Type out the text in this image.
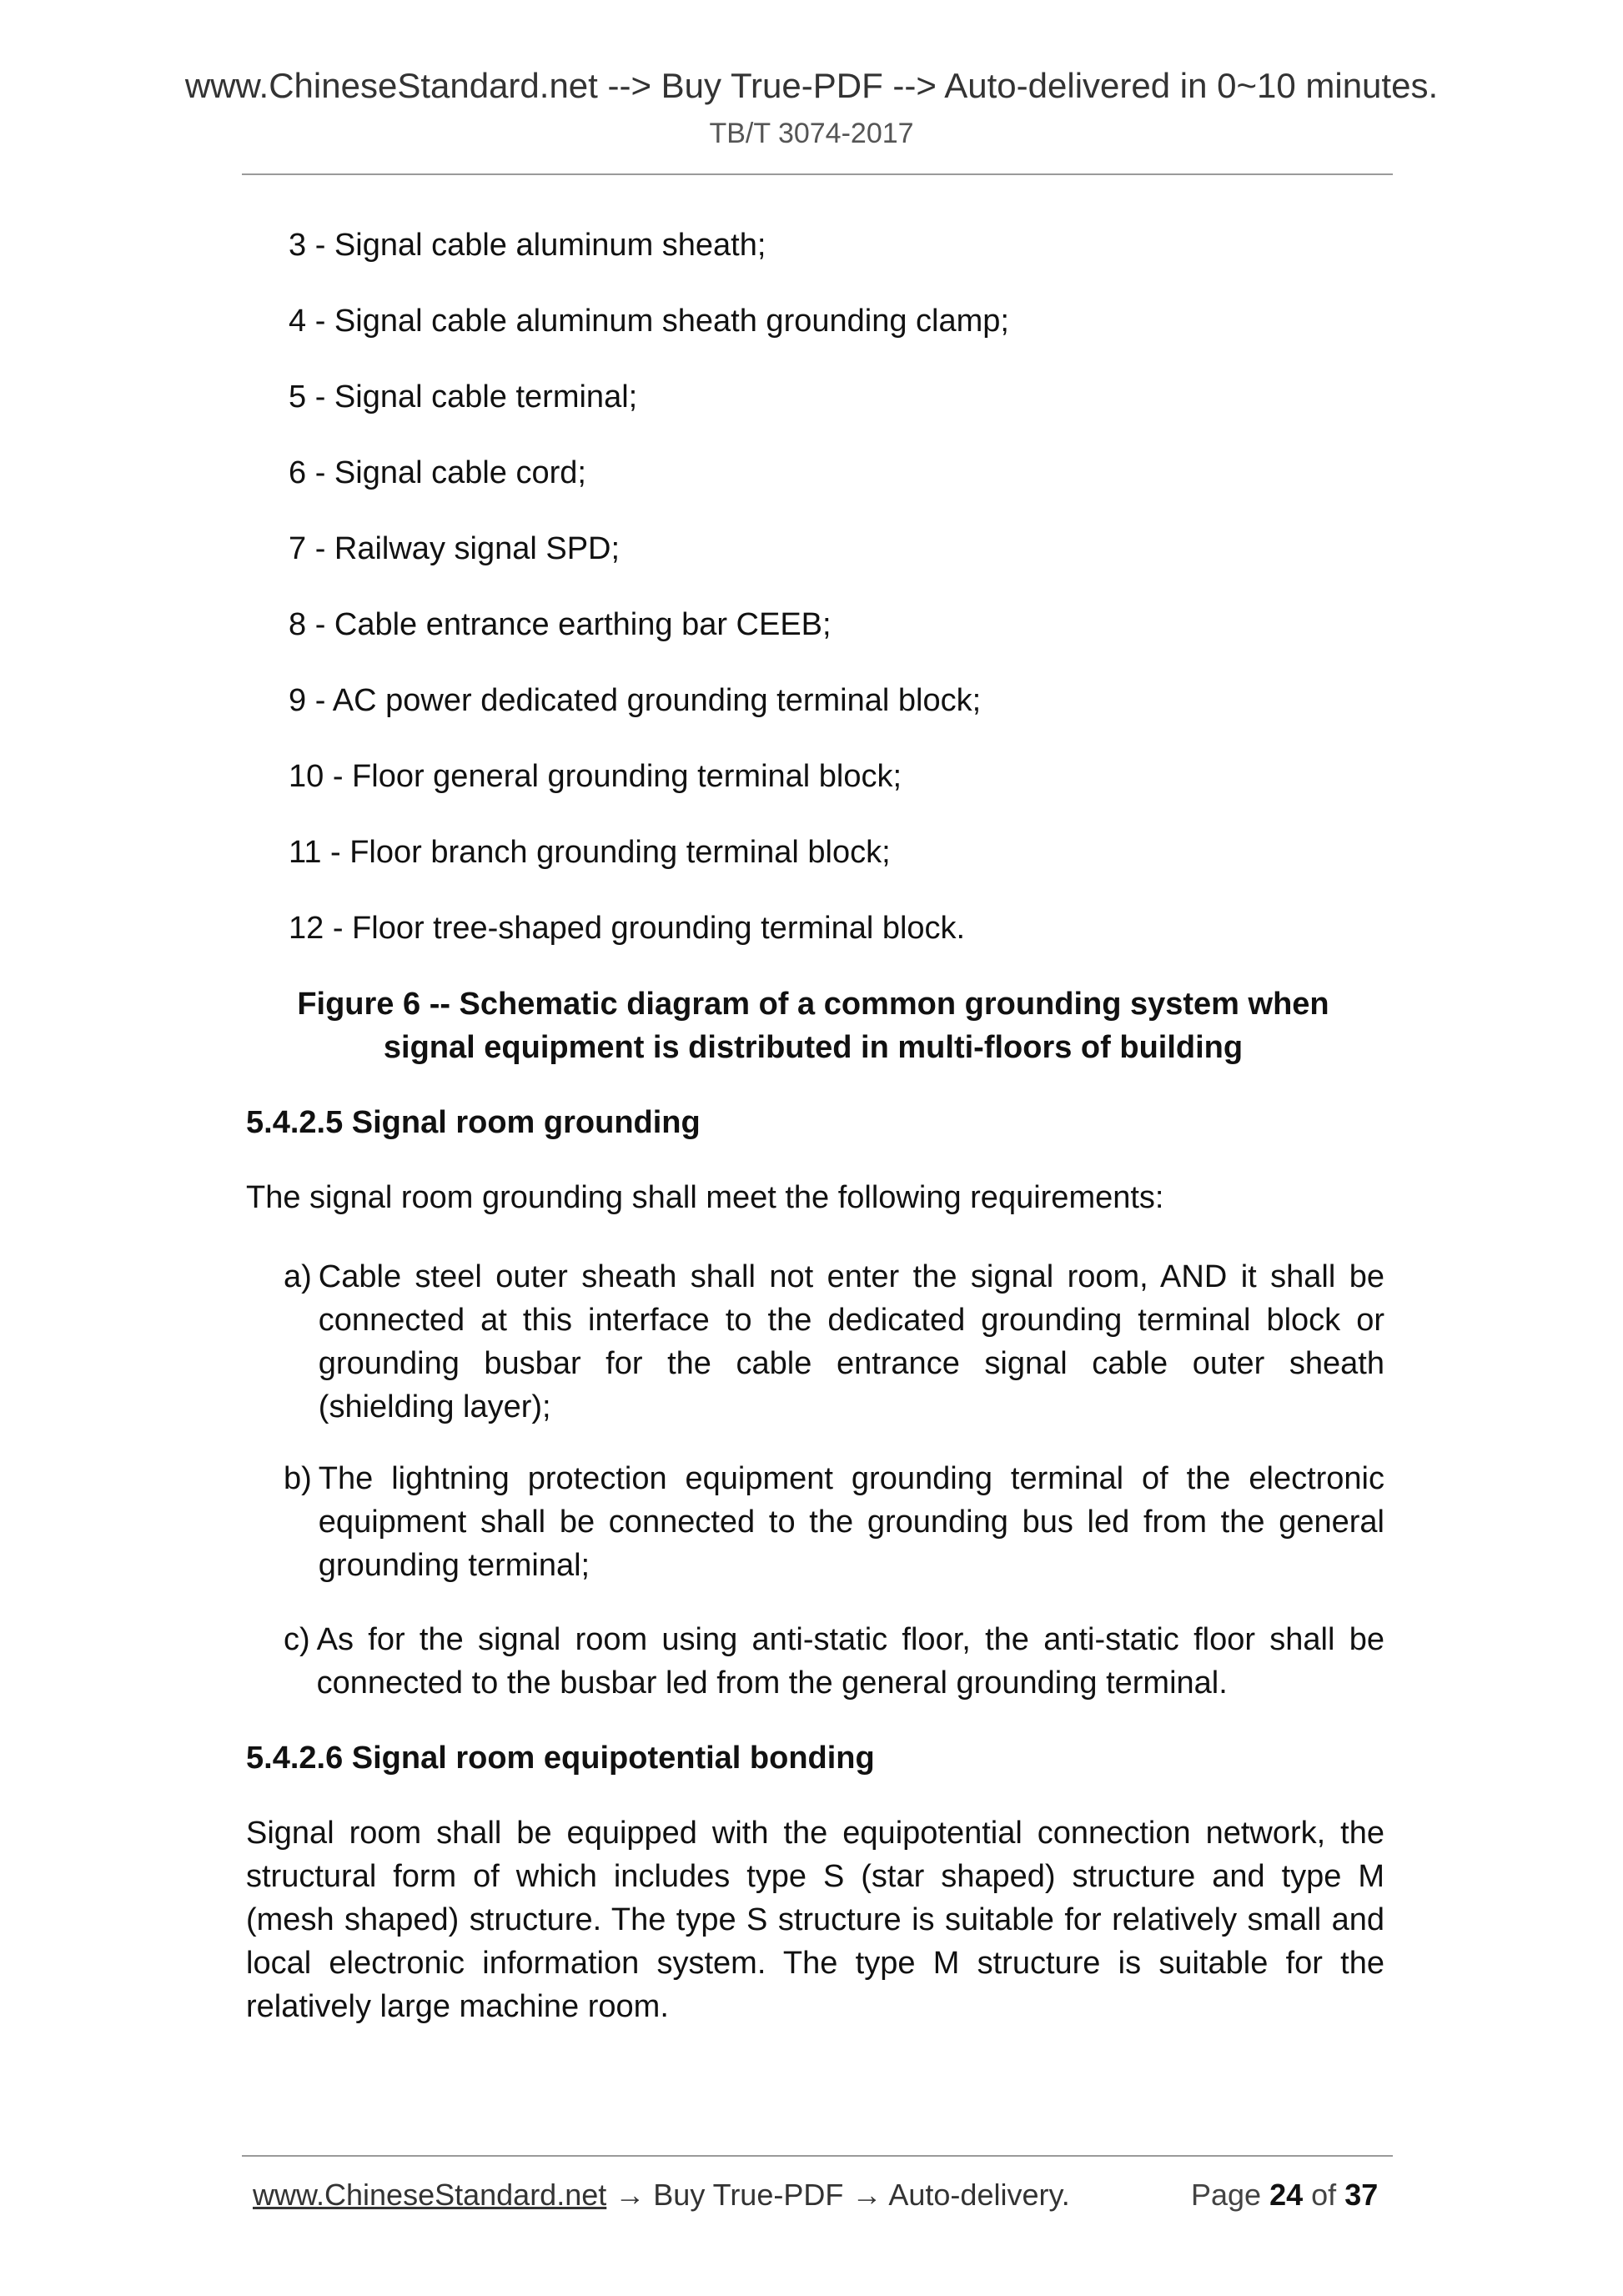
www.ChineseStandard.net --> Buy True-PDF --> Auto-delivered in 0~10 minutes.
TB/T 3074-2017
3 - Signal cable aluminum sheath;
4 - Signal cable aluminum sheath grounding clamp;
5 - Signal cable terminal;
6 - Signal cable cord;
7 - Railway signal SPD;
8 - Cable entrance earthing bar CEEB;
9 - AC power dedicated grounding terminal block;
10 - Floor general grounding terminal block;
11 - Floor branch grounding terminal block;
12 - Floor tree-shaped grounding terminal block.
Figure 6 -- Schematic diagram of a common grounding system when
signal equipment is distributed in multi-floors of building
5.4.2.5 Signal room grounding
The signal room grounding shall meet the following requirements:
a) Cable steel outer sheath shall not enter the signal room, AND it shall be connected at this interface to the dedicated grounding terminal block or grounding busbar for the cable entrance signal cable outer sheath (shielding layer);
b) The lightning protection equipment grounding terminal of the electronic equipment shall be connected to the grounding bus led from the general grounding terminal;
c) As for the signal room using anti-static floor, the anti-static floor shall be connected to the busbar led from the general grounding terminal.
5.4.2.6 Signal room equipotential bonding
Signal room shall be equipped with the equipotential connection network, the structural form of which includes type S (star shaped) structure and type M (mesh shaped) structure. The type S structure is suitable for relatively small and local electronic information system. The type M structure is suitable for the relatively large machine room.
www.ChineseStandard.net → Buy True-PDF → Auto-delivery.	Page 24 of 37
